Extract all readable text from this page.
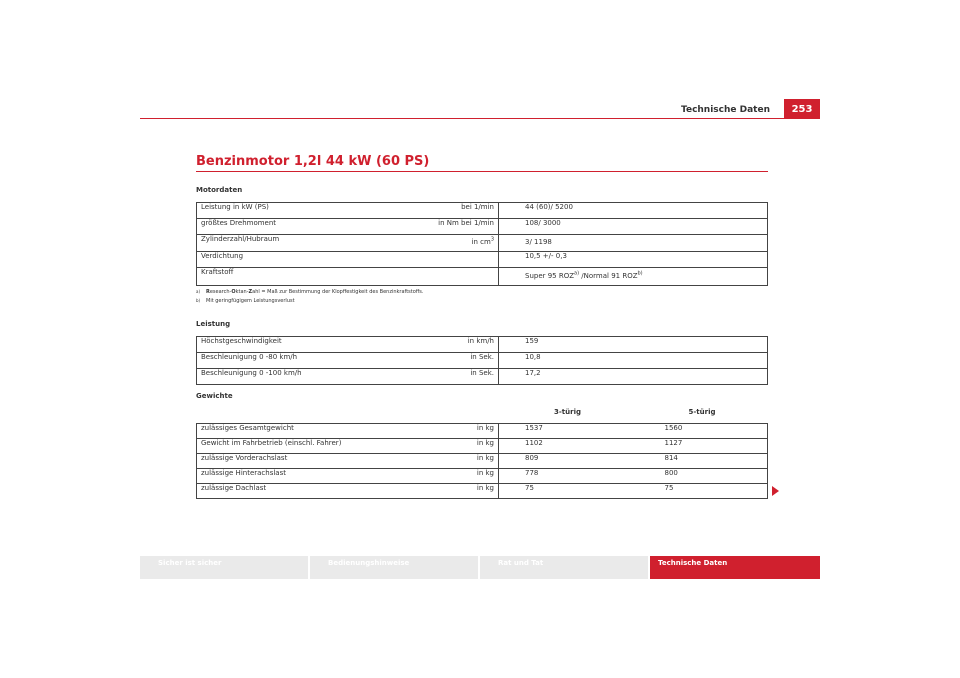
Technische Daten	253
Benzinmotor 1,2l 44 kW (60 PS)
Motordaten
Leistung in kW (PS)	bei 1/min	44 (60)/ 5200
größtes Drehmoment	in Nm bei 1/min	108/ 3000
Zylinderzahl/Hubraum	in $cm^3$	3/ 1198
Verdichtung		10,5 +/- 0,3
Kraftstoff		Super 95 ROZ$^{a)}$ /Normal 91 ROZ$^{b)}$
a) Research-Oktan-Zahl = Maß zur Bestimmung der Klopffestigkeit des Benzinkraftstoffs.
b) Mit geringfügigem Leistungsverlust
Leistung
Höchstgeschwindigkeit	in km/h	159
Beschleunigung 0 -80 km/h	in Sek.	10,8
Beschleunigung 0 -100 km/h	in Sek.	17,2
Gewichte
		3-türig	5-türig
zulässiges Gesamtgewicht	in kg	1537	1560
Gewicht im Fahrbetrieb (einschl. Fahrer)	in kg	1102	1127
zulässige Vorderachslast	in kg	809	814
zulässige Hinterachslast	in kg	778	800
zulässige Dachlast	in kg	75	75
Sicher ist sicher	Bedienungshinweise	Rat und Tat	Technische Daten
